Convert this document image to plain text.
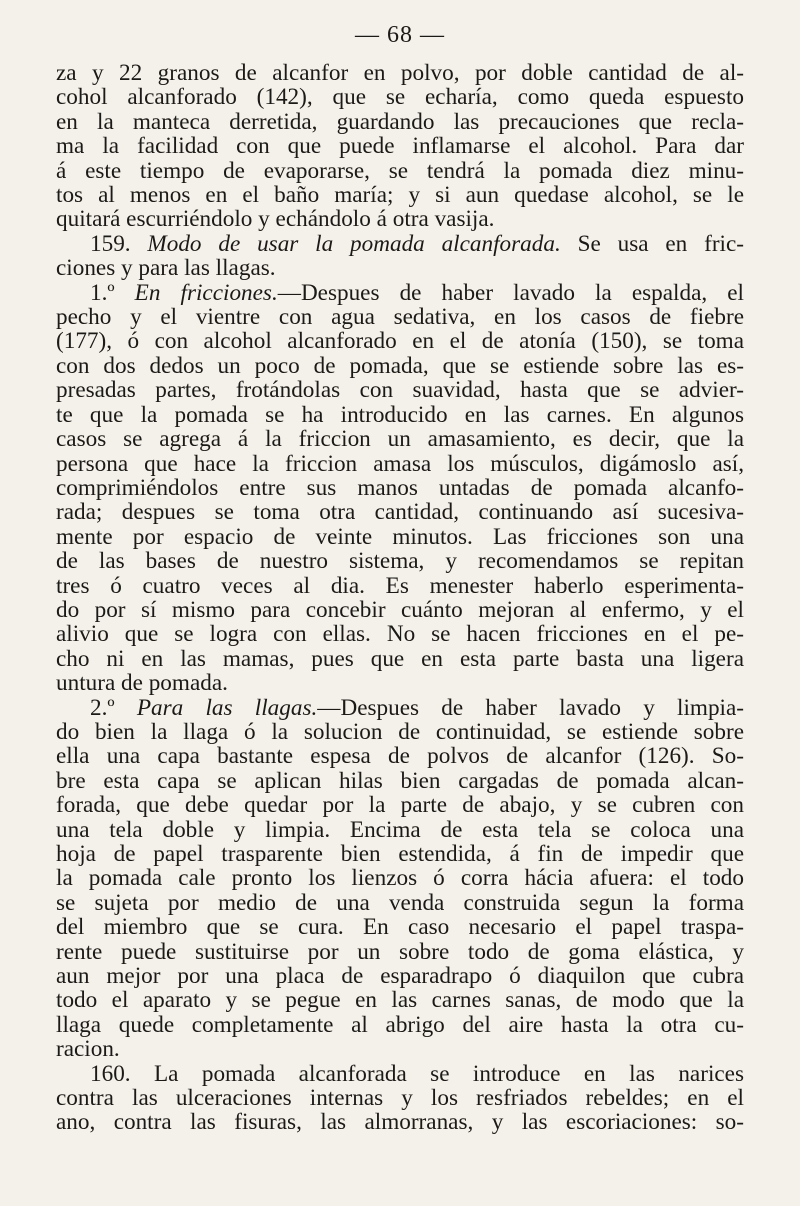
— 68 —
za y 22 granos de alcanfor en polvo, por doble cantidad de al-
cohol alcanforado (142), que se echaría, como queda espuesto
en la manteca derretida, guardando las precauciones que recla-
ma la facilidad con que puede inflamarse el alcohol. Para dar
á este tiempo de evaporarse, se tendrá la pomada diez minu-
tos al menos en el baño maría; y si aun quedase alcohol, se le
quitará escurriéndolo y echándolo á otra vasija.
159. Modo de usar la pomada alcanforada. Se usa en fric-
ciones y para las llagas.
1.º En fricciones.—Despues de haber lavado la espalda, el
pecho y el vientre con agua sedativa, en los casos de fiebre
(177), ó con alcohol alcanforado en el de atonía (150), se toma
con dos dedos un poco de pomada, que se estiende sobre las es-
presadas partes, frotándolas con suavidad, hasta que se advier-
te que la pomada se ha introducido en las carnes. En algunos
casos se agrega á la friccion un amasamiento, es decir, que la
persona que hace la friccion amasa los músculos, digámoslo así,
comprimiéndolos entre sus manos untadas de pomada alcanfo-
rada; despues se toma otra cantidad, continuando así sucesiva-
mente por espacio de veinte minutos. Las fricciones son una
de las bases de nuestro sistema, y recomendamos se repitan
tres ó cuatro veces al dia. Es menester haberlo esperimenta-
do por sí mismo para concebir cuánto mejoran al enfermo, y el
alivio que se logra con ellas. No se hacen fricciones en el pe-
cho ni en las mamas, pues que en esta parte basta una ligera
untura de pomada.
2.º Para las llagas.—Despues de haber lavado y limpia-
do bien la llaga ó la solucion de continuidad, se estiende sobre
ella una capa bastante espesa de polvos de alcanfor (126). So-
bre esta capa se aplican hilas bien cargadas de pomada alcan-
forada, que debe quedar por la parte de abajo, y se cubren con
una tela doble y limpia. Encima de esta tela se coloca una
hoja de papel trasparente bien estendida, á fin de impedir que
la pomada cale pronto los lienzos ó corra hácia afuera: el todo
se sujeta por medio de una venda construida segun la forma
del miembro que se cura. En caso necesario el papel traspa-
rente puede sustituirse por un sobre todo de goma elástica, y
aun mejor por una placa de esparadrapo ó diaquilon que cubra
todo el aparato y se pegue en las carnes sanas, de modo que la
llaga quede completamente al abrigo del aire hasta la otra cu-
racion.
160. La pomada alcanforada se introduce en las narices
contra las ulceraciones internas y los resfriados rebeldes; en el
ano, contra las fisuras, las almorranas, y las escoriaciones: so-
